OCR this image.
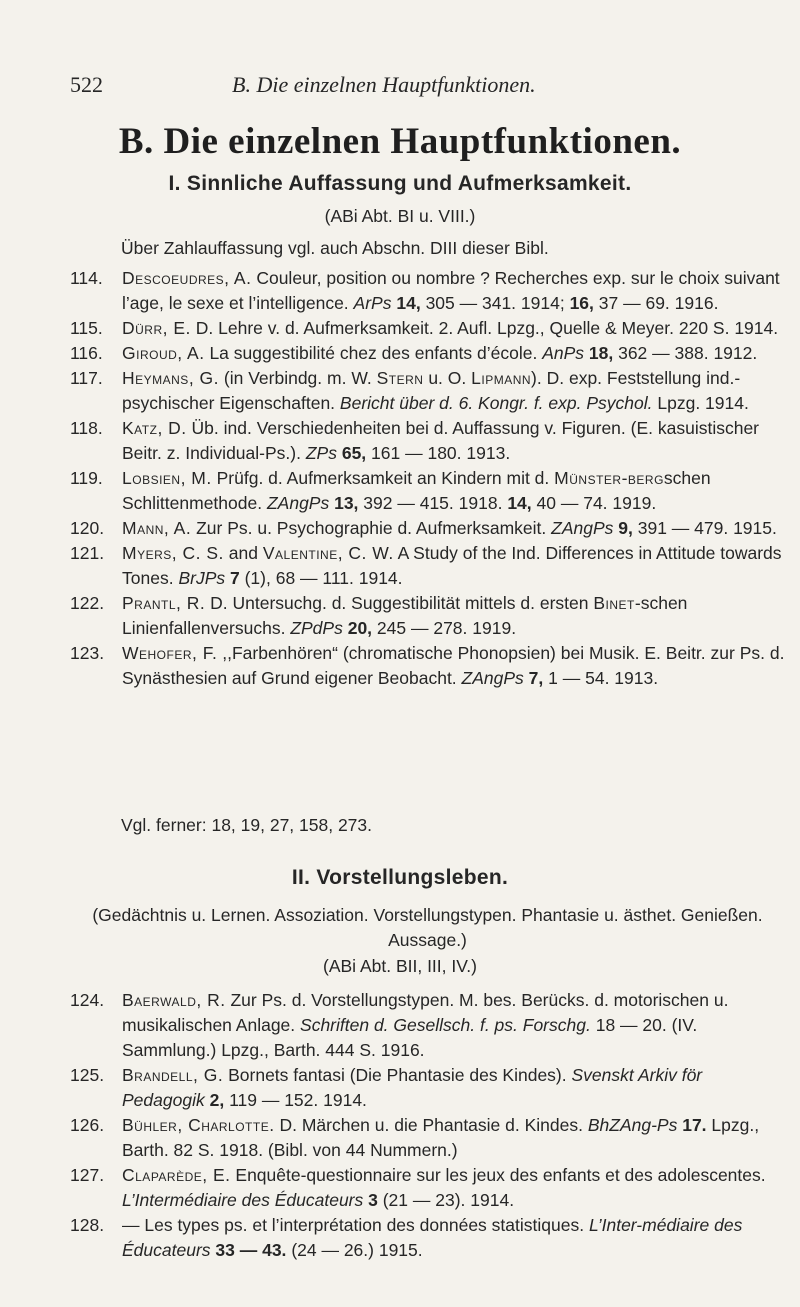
522	B. Die einzelnen Hauptfunktionen.
B. Die einzelnen Hauptfunktionen.
I. Sinnliche Auffassung und Aufmerksamkeit.
(ABi Abt. BI u. VIII.)
Über Zahlauffassung vgl. auch Abschn. DIII dieser Bibl.
114.	Descoeudres, A. Couleur, position ou nombre ? Recherches exp. sur le choix suivant l’age, le sexe et l’intelligence. ArPs 14, 305 — 341. 1914; 16, 37 — 69. 1916.
115.	Dürr, E. D. Lehre v. d. Aufmerksamkeit. 2. Aufl. Lpzg., Quelle & Meyer. 220 S. 1914.
116.	Giroud, A. La suggestibilité chez des enfants d’école. AnPs 18, 362 — 388. 1912.
117.	Heymans, G. (in Verbindg. m. W. Stern u. O. Lipmann). D. exp. Feststellung ind.-psychischer Eigenschaften. Bericht über d. 6. Kongr. f. exp. Psychol. Lpzg. 1914.
118.	Katz, D. Üb. ind. Verschiedenheiten bei d. Auffassung v. Figuren. (E. kasuistischer Beitr. z. Individual-Ps.). ZPs 65, 161 — 180. 1913.
119.	Lobsien, M. Prüfg. d. Aufmerksamkeit an Kindern mit d. Münster-bergschen Schlittenmethode. ZAngPs 13, 392 — 415. 1918. 14, 40 — 74. 1919.
120.	Mann, A. Zur Ps. u. Psychographie d. Aufmerksamkeit. ZAngPs 9, 391 — 479. 1915.
121.	Myers, C. S. and Valentine, C. W. A Study of the Ind. Differences in Attitude towards Tones. BrJPs 7 (1), 68 — 111. 1914.
122.	Prantl, R. D. Untersuchg. d. Suggestibilität mittels d. ersten Binet-schen Linienfallenversuchs. ZPdPs 20, 245 — 278. 1919.
123.	Wehofer, F. ,,Farbenhören“ (chromatische Phonopsien) bei Musik. E. Beitr. zur Ps. d. Synästhesien auf Grund eigener Beobacht. ZAngPs 7, 1 — 54. 1913.
Vgl. ferner: 18, 19, 27, 158, 273.
II. Vorstellungsleben.
(Gedächtnis u. Lernen. Assoziation. Vorstellungstypen. Phantasie u. ästhet. Genießen. Aussage.)
(ABi Abt. BII, III, IV.)
124.	Baerwald, R. Zur Ps. d. Vorstellungstypen. M. bes. Berücks. d. motorischen u. musikalischen Anlage. Schriften d. Gesellsch. f. ps. Forschg. 18 — 20. (IV. Sammlung.) Lpzg., Barth. 444 S. 1916.
125.	Brandell, G. Bornets fantasi (Die Phantasie des Kindes). Svenskt Arkiv för Pedagogik 2, 119 — 152. 1914.
126.	Bühler, Charlotte. D. Märchen u. die Phantasie d. Kindes. BhZAng-Ps 17. Lpzg., Barth. 82 S. 1918. (Bibl. von 44 Nummern.)
127.	Claparède, E. Enquête-questionnaire sur les jeux des enfants et des adolescentes. L’Intermédiaire des Éducateurs 3 (21 — 23). 1914.
128.	— Les types ps. et l’interprétation des données statistiques. L’Inter-médiaire des Éducateurs 33 — 43. (24 — 26.) 1915.
